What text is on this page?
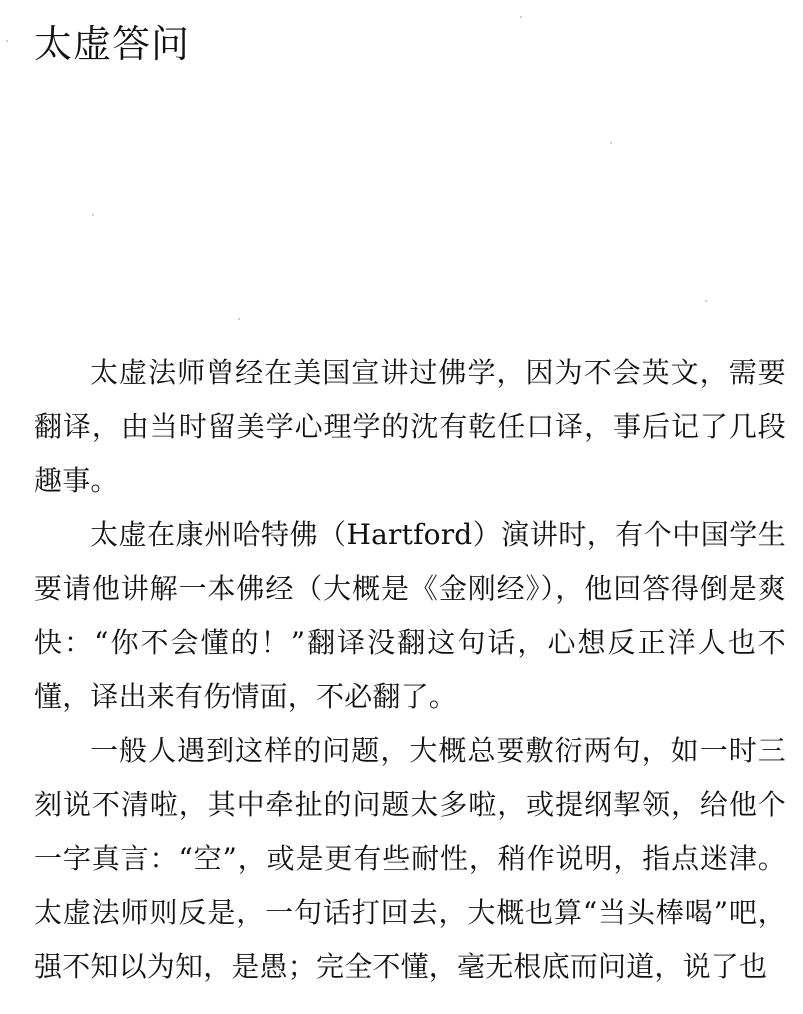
太虚答问

太虚法师曾经在美国宣讲过佛学，因为不会英文，需要翻译，由当时留美学心理学的沈有乾任口译，事后记了几段趣事。

太虚在康州哈特佛（Hartford）演讲时，有个中国学生要请他讲解一本佛经（大概是《金刚经》），他回答得倒是爽快：“你不会懂的！”翻译没翻这句话，心想反正洋人也不懂，译出来有伤情面，不必翻了。

一般人遇到这样的问题，大概总要敷衍两句，如一时三刻说不清啦，其中牵扯的问题太多啦，或提纲挈领，给他个一字真言：“空”，或是更有些耐性，稍作说明，指点迷津。太虚法师则反是，一句话打回去，大概也算“当头棒喝”吧，强不知以为知，是愚；完全不懂，毫无根底而问道，说了也
